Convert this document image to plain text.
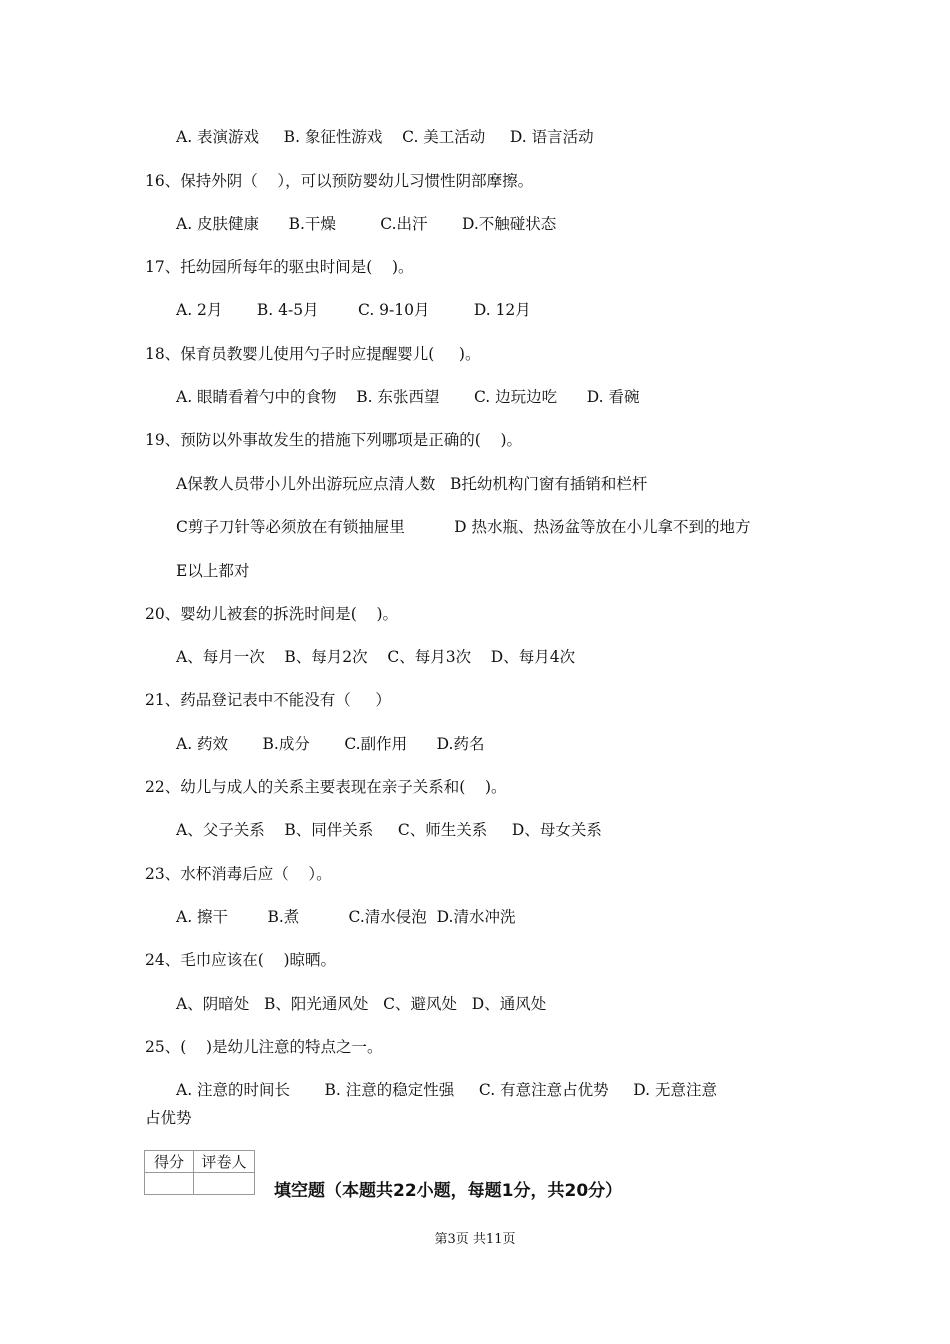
A. 表演游戏     B. 象征性游戏    C. 美工活动     D. 语言活动
16、保持外阴（    ），可以预防婴幼儿习惯性阴部摩擦。
A. 皮肤健康      B.干燥         C.出汗       D.不触碰状态
17、托幼园所每年的驱虫时间是(    )。
A. 2月       B. 4-5月        C. 9-10月         D. 12月
18、保育员教婴儿使用勺子时应提醒婴儿(     )。
A. 眼睛看着勺中的食物    B. 东张西望       C. 边玩边吃      D. 看碗
19、预防以外事故发生的措施下列哪项是正确的(    )。
A保教人员带小儿外出游玩应点清人数   B托幼机构门窗有插销和栏杆
C剪子刀针等必须放在有锁抽屉里          D 热水瓶、热汤盆等放在小儿拿不到的地方
E以上都对
20、婴幼儿被套的拆洗时间是(    )。
A、每月一次    B、每月2次    C、每月3次    D、每月4次
21、药品登记表中不能没有（     ）
A. 药效       B.成分       C.副作用      D.药名
22、幼儿与成人的关系主要表现在亲子关系和(    )。
A、父子关系    B、同伴关系     C、师生关系     D、母女关系
23、水杯消毒后应（    ）。
A. 擦干        B.煮          C.清水侵泡  D.清水冲洗
24、毛巾应该在(    )晾晒。
A、阴暗处   B、阳光通风处   C、避风处   D、通风处
25、(    )是幼儿注意的特点之一。
A. 注意的时间长       B. 注意的稳定性强     C. 有意注意占优势     D. 无意注意
占优势
得分	评卷人

填空题（本题共22小题，每题1分，共20分）
第3页 共11页
